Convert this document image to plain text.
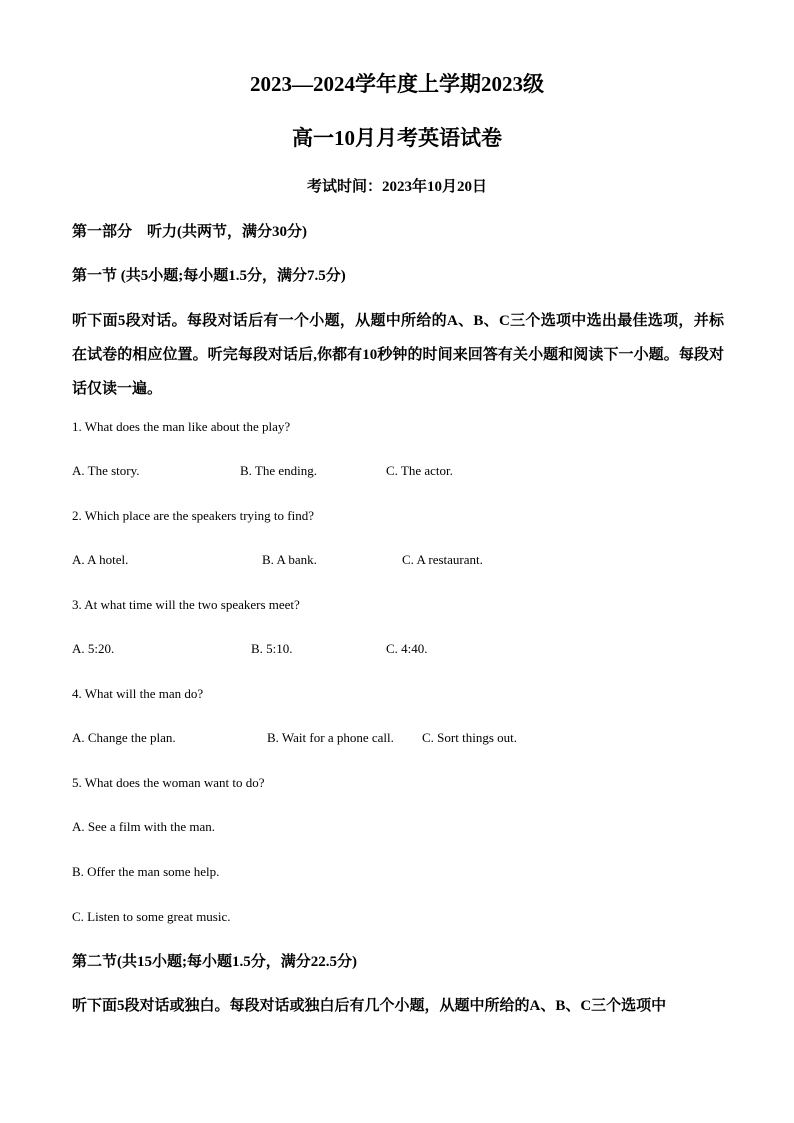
2023—2024学年度上学期2023级
高一10月月考英语试卷
考试时间：2023年10月20日
第一部分　听力(共两节，满分30分)
第一节 (共5小题;每小题1.5分，满分7.5分)
听下面5段对话。每段对话后有一个小题，从题中所给的A、B、C三个选项中选出最佳选项，并标在试卷的相应位置。听完每段对话后,你都有10秒钟的时间来回答有关小题和阅读下一小题。每段对话仅读一遍。
1. What does the man like about the play?
A. The story.	B. The ending.	C. The actor.
2. Which place are the speakers trying to find?
A. A hotel.	B. A bank.	C. A restaurant.
3. At what time will the two speakers meet?
A. 5:20.	B. 5:10.	C. 4:40.
4. What will the man do?
A. Change the plan.	B. Wait for a phone call. C. Sort things out.
5. What does the woman want to do?
A. See a film with the man.
B. Offer the man some help.
C. Listen to some great music.
第二节(共15小题;每小题1.5分，满分22.5分)
听下面5段对话或独白。每段对话或独白后有几个小题，从题中所给的A、B、C三个选项中
